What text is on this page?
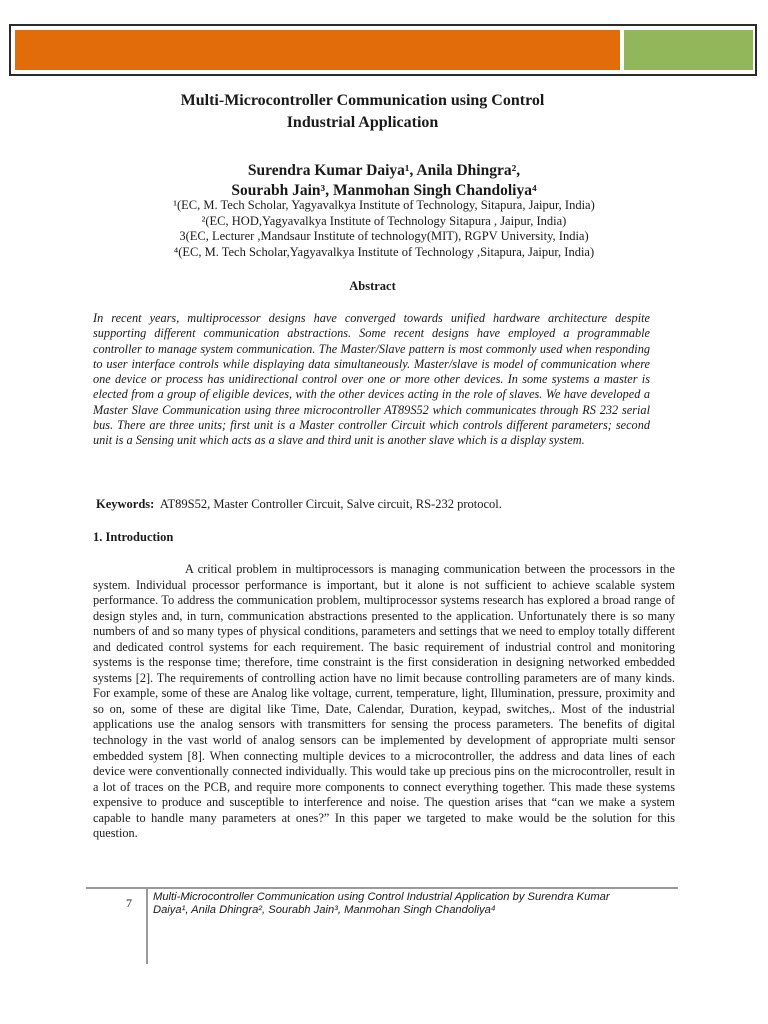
Multi-Microcontroller Communication using Control
Industrial Application
Surendra Kumar Daiya¹, Anila Dhingra²,
Sourabh Jain³, Manmohan Singh Chandoliya⁴
¹(EC, M. Tech Scholar, Yagyavalkya Institute of Technology, Sitapura, Jaipur, India)
²(EC, HOD,Yagyavalkya Institute of Technology Sitapura , Jaipur, India)
3(EC, Lecturer ,Mandsaur Institute of technology(MIT), RGPV University, India)
⁴(EC, M. Tech Scholar,Yagyavalkya Institute of Technology ,Sitapura, Jaipur, India)
Abstract

In recent years, multiprocessor designs have converged towards unified hardware architecture despite supporting different communication abstractions. Some recent designs have employed a programmable controller to manage system communication. The Master/Slave pattern is most commonly used when responding to user interface controls while displaying data simultaneously. Master/slave is model of communication where one device or process has unidirectional control over one or more other devices. In some systems a master is elected from a group of eligible devices, with the other devices acting in the role of slaves. We have developed a Master Slave Communication using three microcontroller AT89S52 which communicates through RS 232 serial bus. There are three units; first unit is a Master controller Circuit which controls different parameters; second unit is a Sensing unit which acts as a slave and third unit is another slave which is a display system.

Keywords: AT89S52, Master Controller Circuit, Salve circuit, RS-232 protocol.
1. Introduction

A critical problem in multiprocessors is managing communication between the processors in the system. Individual processor performance is important, but it alone is not sufficient to achieve scalable system performance. To address the communication problem, multiprocessor systems research has explored a broad range of design styles and, in turn, communication abstractions presented to the application. Unfortunately there is so many numbers of and so many types of physical conditions, parameters and settings that we need to employ totally different and dedicated control systems for each requirement. The basic requirement of industrial control and monitoring systems is the response time; therefore, time constraint is the first consideration in designing networked embedded systems [2]. The requirements of controlling action have no limit because controlling parameters are of many kinds. For example, some of these are Analog like voltage, current, temperature, light, Illumination, pressure, proximity and so on, some of these are digital like Time, Date, Calendar, Duration, keypad, switches,. Most of the industrial applications use the analog sensors with transmitters for sensing the process parameters. The benefits of digital technology in the vast world of analog sensors can be implemented by development of appropriate multi sensor embedded system [8]. When connecting multiple devices to a microcontroller, the address and data lines of each device were conventionally connected individually. This would take up precious pins on the microcontroller, result in a lot of traces on the PCB, and require more components to connect everything together. This made these systems expensive to produce and susceptible to interference and noise. The question arises that “can we make a system capable to handle many parameters at ones?” In this paper we targeted to make would be the solution for this question.

7 Multi-Microcontroller Communication using Control Industrial Application by Surendra Kumar Daiya¹, Anila Dhingra², Sourabh Jain³, Manmohan Singh Chandoliya⁴
